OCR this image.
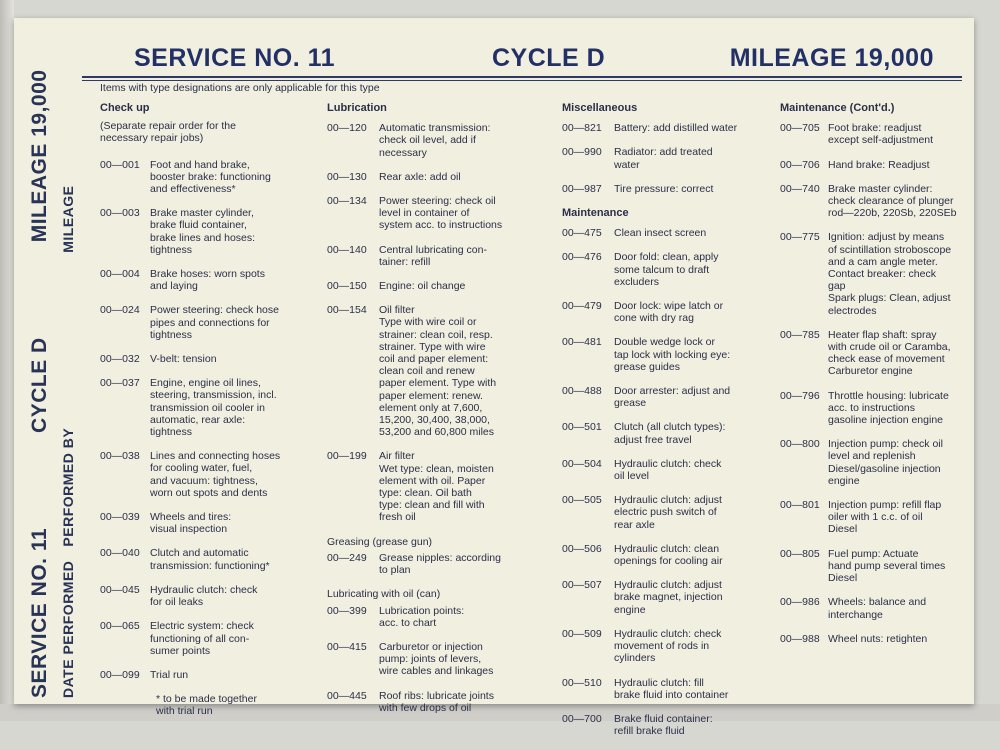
SERVICE NO. 11CYCLE DMILEAGE 19,000
DATE PERFORMEDPERFORMED BYMILEAGE
SERVICE NO. 11	CYCLE D	MILEAGE 19,000
Items with type designations are only applicable for this type
Check up
(Separate repair order for the
necessary repair jobs)
00—001 Foot and hand brake,
booster brake: functioning
and effectiveness*
00—003 Brake master cylinder,
brake fluid container,
brake lines and hoses:
tightness
00—004 Brake hoses: worn spots
and laying
00—024 Power steering: check hose
pipes and connections for
tightness
00—032 V-belt: tension
00—037 Engine, engine oil lines,
steering, transmission, incl.
transmission oil cooler in
automatic, rear axle:
tightness
00—038 Lines and connecting hoses
for cooling water, fuel,
and vacuum: tightness,
worn out spots and dents
00—039 Wheels and tires:
visual inspection
00—040 Clutch and automatic
transmission: functioning*
00—045 Hydraulic clutch: check
for oil leaks
00—065 Electric system: check
functioning of all con-
sumer points
00—099 Trial run
* to be made together
with trial run
Lubrication
00—120	Automatic transmission:
check oil level, add if
necessary
00—130	Rear axle: add oil
00—134	Power steering: check oil
level in container of
system acc. to instructions
00—140	Central lubricating con-
tainer: refill
00—150	Engine: oil change
00—154	Oil filter
Type with wire coil or
strainer: clean coil, resp.
strainer. Type with wire
coil and paper element:
clean coil and renew
paper element. Type with
paper element: renew.
element only at 7,600,
15,200, 30,400, 38,000,
53,200 and 60,800 miles
00—199	Air filter
Wet type: clean, moisten
element with oil. Paper
type: clean. Oil bath
type: clean and fill with
fresh oil
Greasing (grease gun)
00—249	Grease nipples: according
to plan
Lubricating with oil (can)
00—399	Lubrication points:
acc. to chart
00—415	Carburetor or injection
pump: joints of levers,
wire cables and linkages
00—445	Roof ribs: lubricate joints
with few drops of oil
Miscellaneous
00—821	Battery: add distilled water
00—990	Radiator: add treated
water
00—987	Tire pressure: correct
Maintenance
00—475	Clean insect screen
00—476	Door fold: clean, apply
some talcum to draft
excluders
00—479	Door lock: wipe latch or
cone with dry rag
00—481	Double wedge lock or
tap lock with locking eye:
grease guides
00—488	Door arrester: adjust and
grease
00—501	Clutch (all clutch types):
adjust free travel
00—504	Hydraulic clutch: check
oil level
00—505	Hydraulic clutch: adjust
electric push switch of
rear axle
00—506	Hydraulic clutch: clean
openings for cooling air
00—507	Hydraulic clutch: adjust
brake magnet, injection
engine
00—509	Hydraulic clutch: check
movement of rods in
cylinders
00—510	Hydraulic clutch: fill
brake fluid into container
00—700	Brake fluid container:
refill brake fluid
Maintenance (Cont'd.)
00—705 Foot brake: readjust
except self-adjustment
00—706 Hand brake: Readjust
00—740 Brake master cylinder:
check clearance of plunger
rod—220b, 220Sb, 220SEb
00—775 Ignition: adjust by means
of scintillation stroboscope
and a cam angle meter.
Contact breaker: check
gap
Spark plugs: Clean, adjust
electrodes
00—785 Heater flap shaft: spray
with crude oil or Caramba,
check ease of movement
Carburetor engine
00—796 Throttle housing: lubricate
acc. to instructions
gasoline injection engine
00—800 Injection pump: check oil
level and replenish
Diesel/gasoline injection
engine
00—801 Injection pump: refill flap
oiler with 1 c.c. of oil
Diesel
00—805 Fuel pump: Actuate
hand pump several times
Diesel
00—986 Wheels: balance and
interchange
00—988 Wheel nuts: retighten
